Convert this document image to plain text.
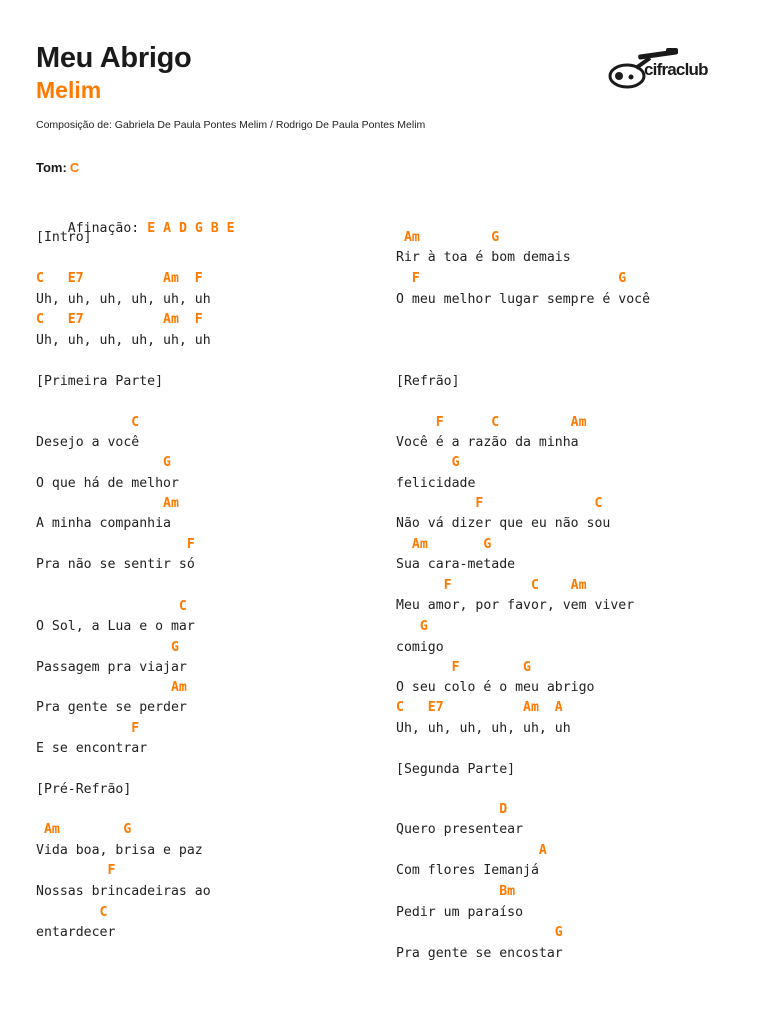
Meu Abrigo
Melim
Composição de: Gabriela De Paula Pontes Melim / Rodrigo De Paula Pontes Melim
cifraclub
Tom: C

Afinação: E A D G B E

[Intro]
C   E7          Am  F
Uh, uh, uh, uh, uh, uh
C   E7          Am  F
Uh, uh, uh, uh, uh, uh
[Primeira Parte]
C
Desejo a você
G
O que há de melhor
Am
A minha companhia
F
Pra não se sentir só
C
O Sol, a Lua e o mar
G
Passagem pra viajar
Am
Pra gente se perder
F
E se encontrar
[Pré-Refrão]
Am        G
Vida boa, brisa e paz
F
Nossas brincadeiras ao
C
entardecer
Am         G
Rir à toa é bom demais
F                         G
O meu melhor lugar sempre é você
[Refrão]
F      C         Am
Você é a razão da minha
G
felicidade
F              C
Não vá dizer que eu não sou
Am       G
Sua cara-metade
F          C    Am
Meu amor, por favor, vem viver
G
comigo
F        G
O seu colo é o meu abrigo
C   E7          Am  A
Uh, uh, uh, uh, uh, uh
[Segunda Parte]
D
Quero presentear
A
Com flores Iemanjá
Bm
Pedir um paraíso
G
Pra gente se encostar
